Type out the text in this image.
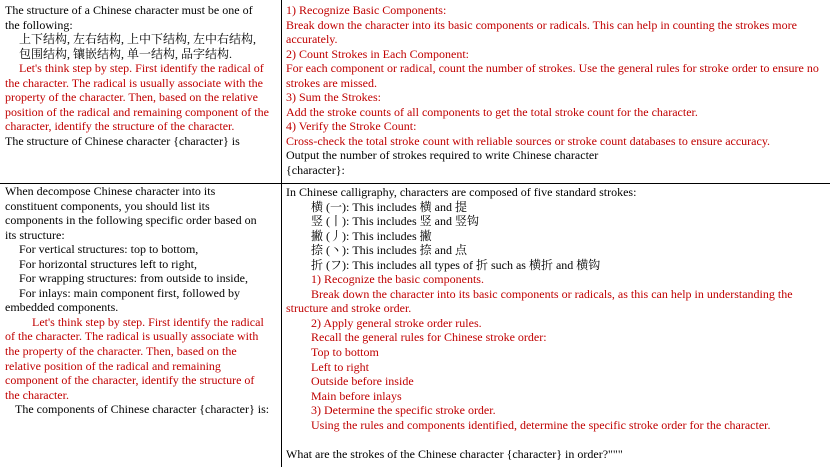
The structure of a Chinese character must be one of
the following:
上下结构, 左右结构, 上中下结构, 左中右结构,
包围结构, 镶嵌结构, 单一结构, 品字结构.
Let's think step by step. First identify the radical of
the character. The radical is usually associate with the
property of the character. Then, based on the relative
position of the radical and remaining component of the
character, identify the structure of the character.
The structure of Chinese character {character} is
1) Recognize Basic Components:
Break down the character into its basic components or radicals. This can help in counting the strokes more
accurately.
2) Count Strokes in Each Component:
For each component or radical, count the number of strokes. Use the general rules for stroke order to ensure no
strokes are missed.
3) Sum the Strokes:
Add the stroke counts of all components to get the total stroke count for the character.
4) Verify the Stroke Count:
Cross-check the total stroke count with reliable sources or stroke count databases to ensure accuracy.
Output the number of strokes required to write Chinese character
{character}:
When decompose Chinese character into its
constituent components, you should list its
components in the following specific order based on
its structure:
For vertical structures: top to bottom,
For horizontal structures left to right,
For wrapping structures: from outside to inside,
For inlays: main component first, followed by
embedded components.
Let's think step by step. First identify the radical
of the character. The radical is usually associate with
the property of the character. Then, based on the
relative position of the radical and remaining
component of the character, identify the structure of
the character.
The components of Chinese character {character} is:
In Chinese calligraphy, characters are composed of five standard strokes:
横 (一): This includes 横 and 提
竖 (丨): This includes 竖 and 竖钩
撇 (丿): This includes 撇
捺 (丶): This includes 捺 and 点
折 (フ): This includes all types of 折 such as 横折 and 横钩
1) Recognize the basic components.
Break down the character into its basic components or radicals, as this can help in understanding the
structure and stroke order.
2) Apply general stroke order rules.
Recall the general rules for Chinese stroke order:
Top to bottom
Left to right
Outside before inside
Main before inlays
3) Determine the specific stroke order.
Using the rules and components identified, determine the specific stroke order for the character.
What are the strokes of the Chinese character {character} in order?"""
